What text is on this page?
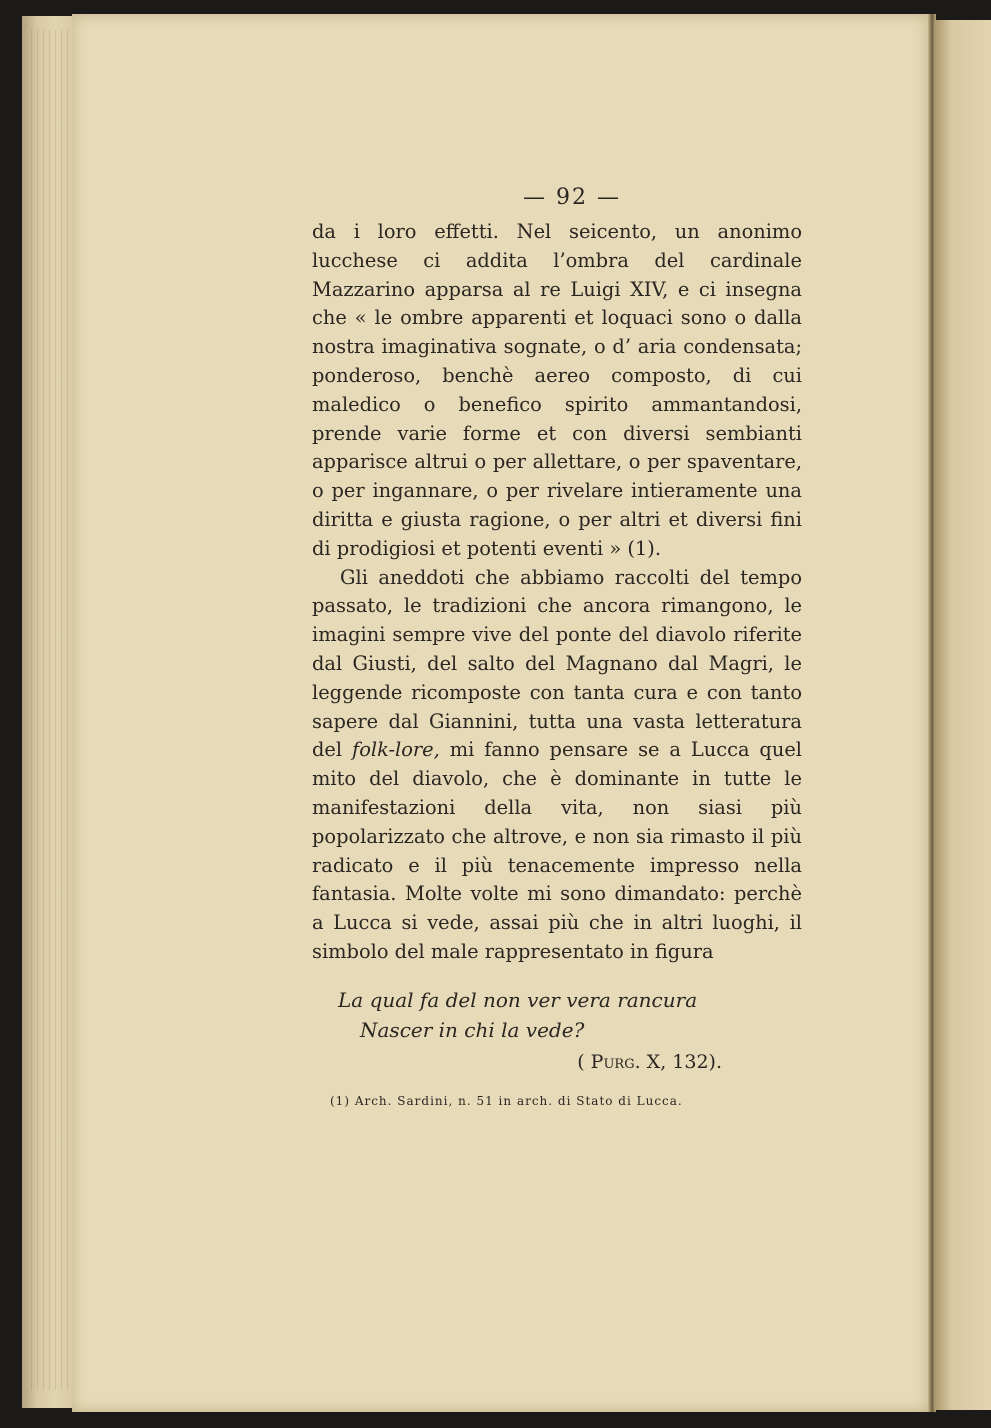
— 92 —

da i loro effetti. Nel seicento, un anonimo lucchese ci addita l’ombra del cardinale Mazzarino apparsa al re Luigi XIV, e ci insegna che « le ombre apparenti et loquaci sono o dalla nostra imaginativa sognate, o d’ aria condensata; ponderoso, benchè aereo composto, di cui maledico o benefico spirito ammantandosi, prende varie forme et con diversi sembianti apparisce altrui o per allettare, o per spaventare, o per ingannare, o per rivelare intieramente una diritta e giusta ragione, o per altri et diversi fini di prodigiosi et potenti eventi » (1).

Gli aneddoti che abbiamo raccolti del tempo passato, le tradizioni che ancora rimangono, le imagini sempre vive del ponte del diavolo riferite dal Giusti, del salto del Magnano dal Magri, le leggende ricomposte con tanta cura e con tanto sapere dal Giannini, tutta una vasta letteratura del folk-lore, mi fanno pensare se a Lucca quel mito del diavolo, che è dominante in tutte le manifestazioni della vita, non siasi più popolarizzato che altrove, e non sia rimasto il più radicato e il più tenacemente impresso nella fantasia. Molte volte mi sono dimandato: perchè a Lucca si vede, assai più che in altri luoghi, il simbolo del male rappresentato in figura

La qual fa del non ver vera rancura
Nascer in chi la vede?
( Purg. X, 132).
(1) Arch. Sardini, n. 51 in arch. di Stato di Lucca.
